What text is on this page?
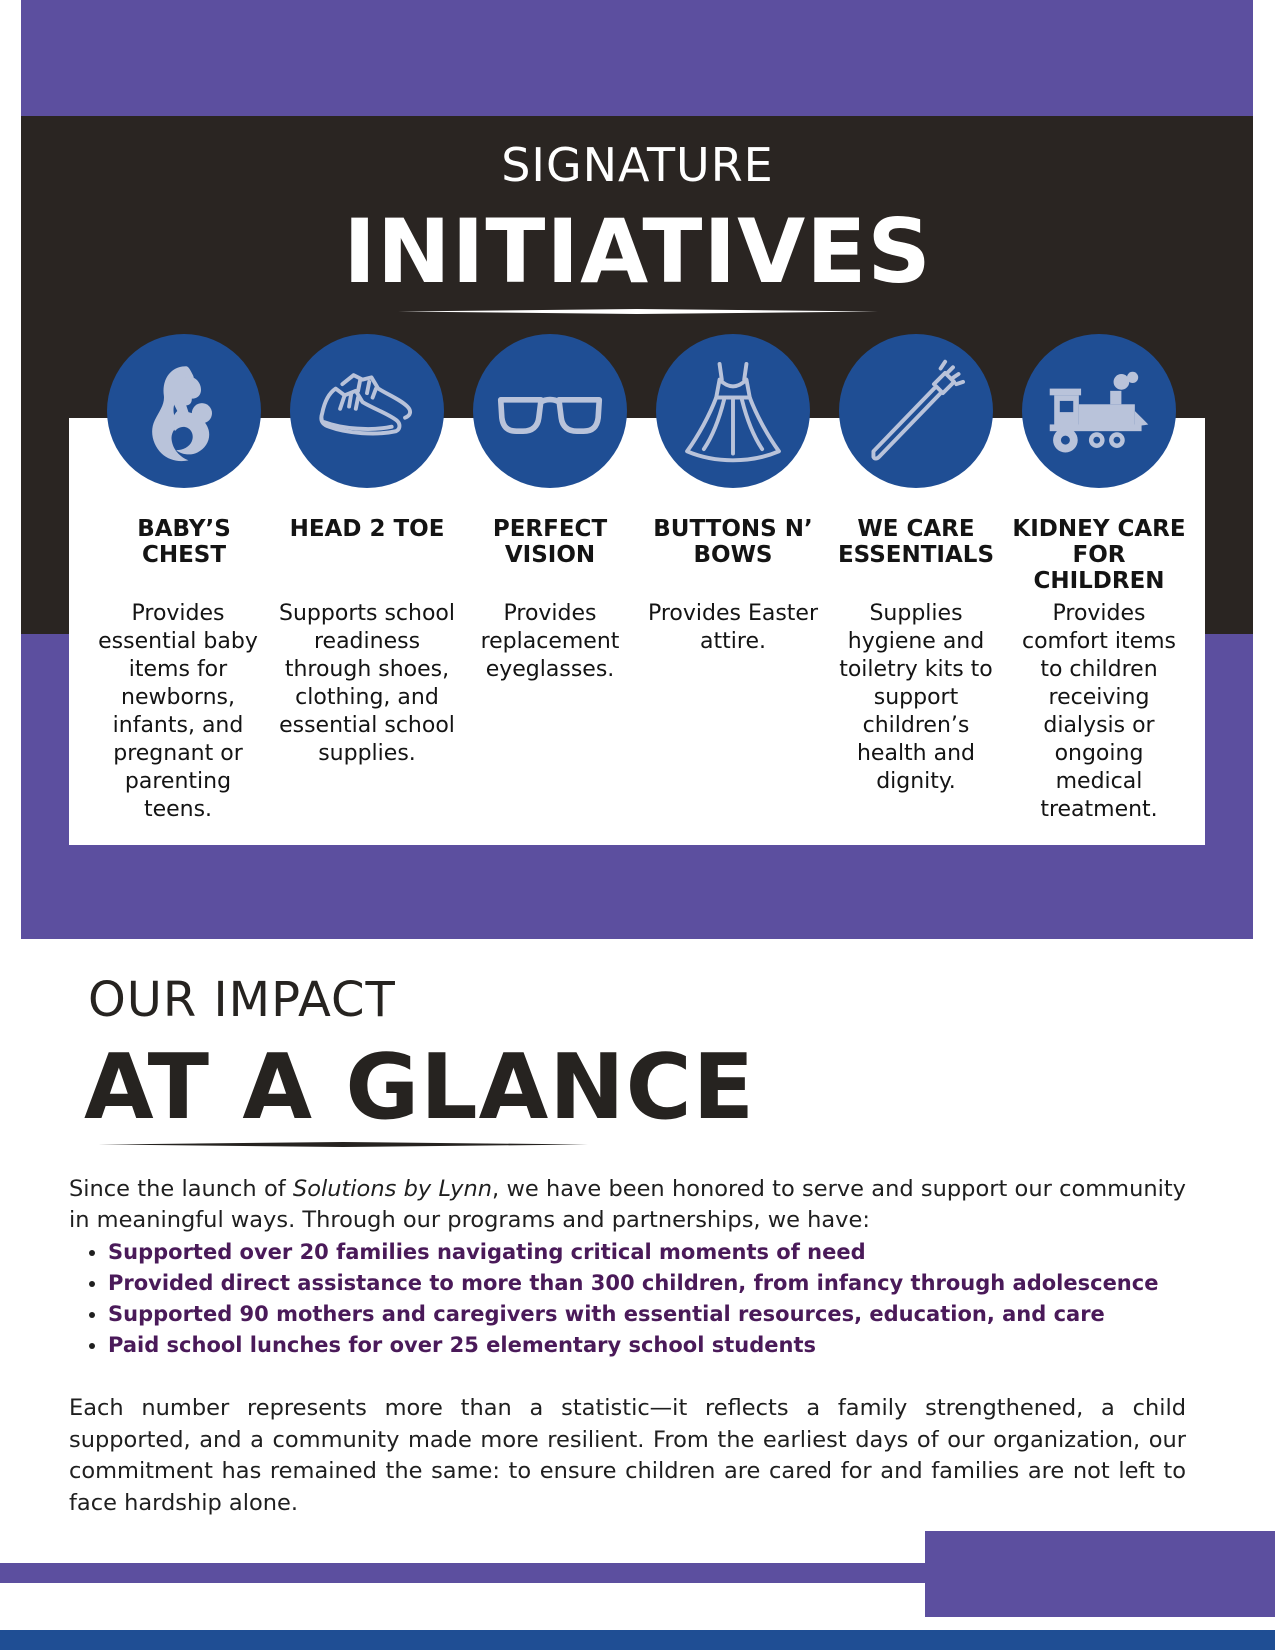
SIGNATURE
INITIATIVES
BABY’S CHEST
Provides essential baby items for newborns, infants, and pregnant or parenting teens.
HEAD 2 TOE
Supports school readiness through shoes, clothing, and essential school supplies.
PERFECT VISION
Provides replacement eyeglasses.
BUTTONS N’ BOWS
Provides Easter attire.
WE CARE ESSENTIALS
Supplies hygiene and toiletry kits to support children’s health and dignity.
KIDNEY CARE FOR CHILDREN
Provides comfort items to children receiving dialysis or ongoing medical treatment.
OUR IMPACT
AT A GLANCE
Since the launch of Solutions by Lynn, we have been honored to serve and support our community in meaningful ways. Through our programs and partnerships, we have:
• Supported over 20 families navigating critical moments of need
• Provided direct assistance to more than 300 children, from infancy through adolescence
• Supported 90 mothers and caregivers with essential resources, education, and care
• Paid school lunches for over 25 elementary school students
Each number represents more than a statistic—it reflects a family strengthened, a child supported, and a community made more resilient. From the earliest days of our organization, our commitment has remained the same: to ensure children are cared for and families are not left to face hardship alone.
